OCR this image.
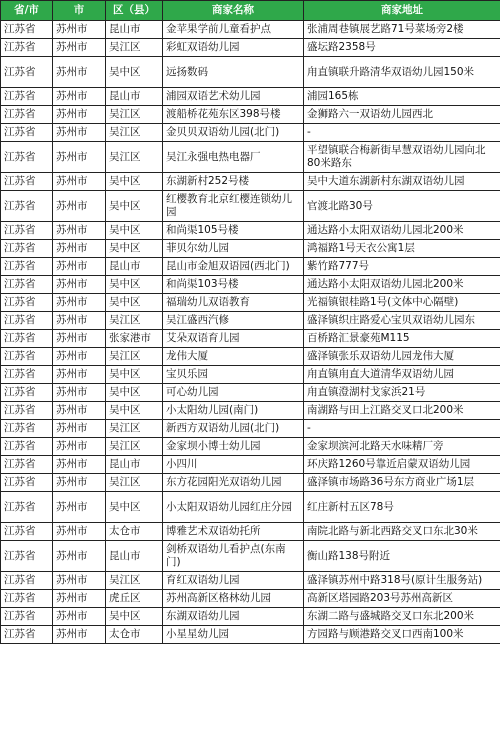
省/市	市	区（县）	商家名称	商家地址
江苏省	苏州市	昆山市	金苹果学前儿童看护点	张浦周巷镇展艺路71号菜场旁2楼
江苏省	苏州市	吴江区	彩虹双语幼儿园	盛坛路2358号
江苏省	苏州市	吴中区	远扬数码	甪直镇联升路清华双语幼儿园150米
江苏省	苏州市	昆山市	浦园双语艺术幼儿园	浦园165栋
江苏省	苏州市	吴江区	渡船桥花苑东区398号楼	金狮路六一双语幼儿园西北
江苏省	苏州市	吴江区	金贝贝双语幼儿园(北门)	-
江苏省	苏州市	吴江区	吴江永强电热电器厂	平望镇联合梅新街早慧双语幼儿园向北80米路东
江苏省	苏州市	吴中区	东湖新村252号楼	吴中大道东湖新村东湖双语幼儿园
江苏省	苏州市	吴中区	红樱教育北京红樱连锁幼儿园	官渡北路30号
江苏省	苏州市	吴中区	和尚渠105号楼	通达路小太阳双语幼儿园北200米
江苏省	苏州市	吴中区	菲贝尔幼儿园	鸿福路1号天衣公寓1层
江苏省	苏州市	昆山市	昆山市金旭双语园(西北门)	紫竹路777号
江苏省	苏州市	吴中区	和尚渠103号楼	通达路小太阳双语幼儿园北200米
江苏省	苏州市	吴中区	福瑞幼儿双语教育	光福镇银桂路1号(文体中心隔壁)
江苏省	苏州市	吴江区	吴江盛西汽修	盛泽镇织庄路爱心宝贝双语幼儿园东
江苏省	苏州市	张家港市	艾朵双语育儿园	百桥路汇景豪苑M115
江苏省	苏州市	吴江区	龙伟大厦	盛泽镇张乐双语幼儿园龙伟大厦
江苏省	苏州市	吴中区	宝贝乐园	甪直镇甪直大道清华双语幼儿园
江苏省	苏州市	吴中区	可心幼儿园	甪直镇澄湖村戈家浜21号
江苏省	苏州市	吴中区	小太阳幼儿园(南门)	南湖路与田上江路交叉口北200米
江苏省	苏州市	吴江区	新西方双语幼儿园(北门)	-
江苏省	苏州市	吴江区	金家坝小博士幼儿园	金家坝滨河北路天水味精厂旁
江苏省	苏州市	昆山市	小四川	环庆路1260号靠近启蒙双语幼儿园
江苏省	苏州市	吴江区	东方花园阳光双语幼儿园	盛泽镇市场路36号东方商业广场1层
江苏省	苏州市	吴中区	小太阳双语幼儿园红庄分园	红庄新村五区78号
江苏省	苏州市	太仓市	博雅艺术双语幼托所	南院北路与新北西路交叉口东北30米
江苏省	苏州市	昆山市	剑桥双语幼儿看护点(东南门)	衡山路138号附近
江苏省	苏州市	吴江区	育红双语幼儿园	盛泽镇苏州中路318号(原计生服务站)
江苏省	苏州市	虎丘区	苏州高新区格林幼儿园	高新区塔园路203号苏州高新区
江苏省	苏州市	吴中区	东湖双语幼儿园	东湖二路与盛城路交叉口东北200米
江苏省	苏州市	太仓市	小星星幼儿园	方园路与顾港路交叉口西南100米
